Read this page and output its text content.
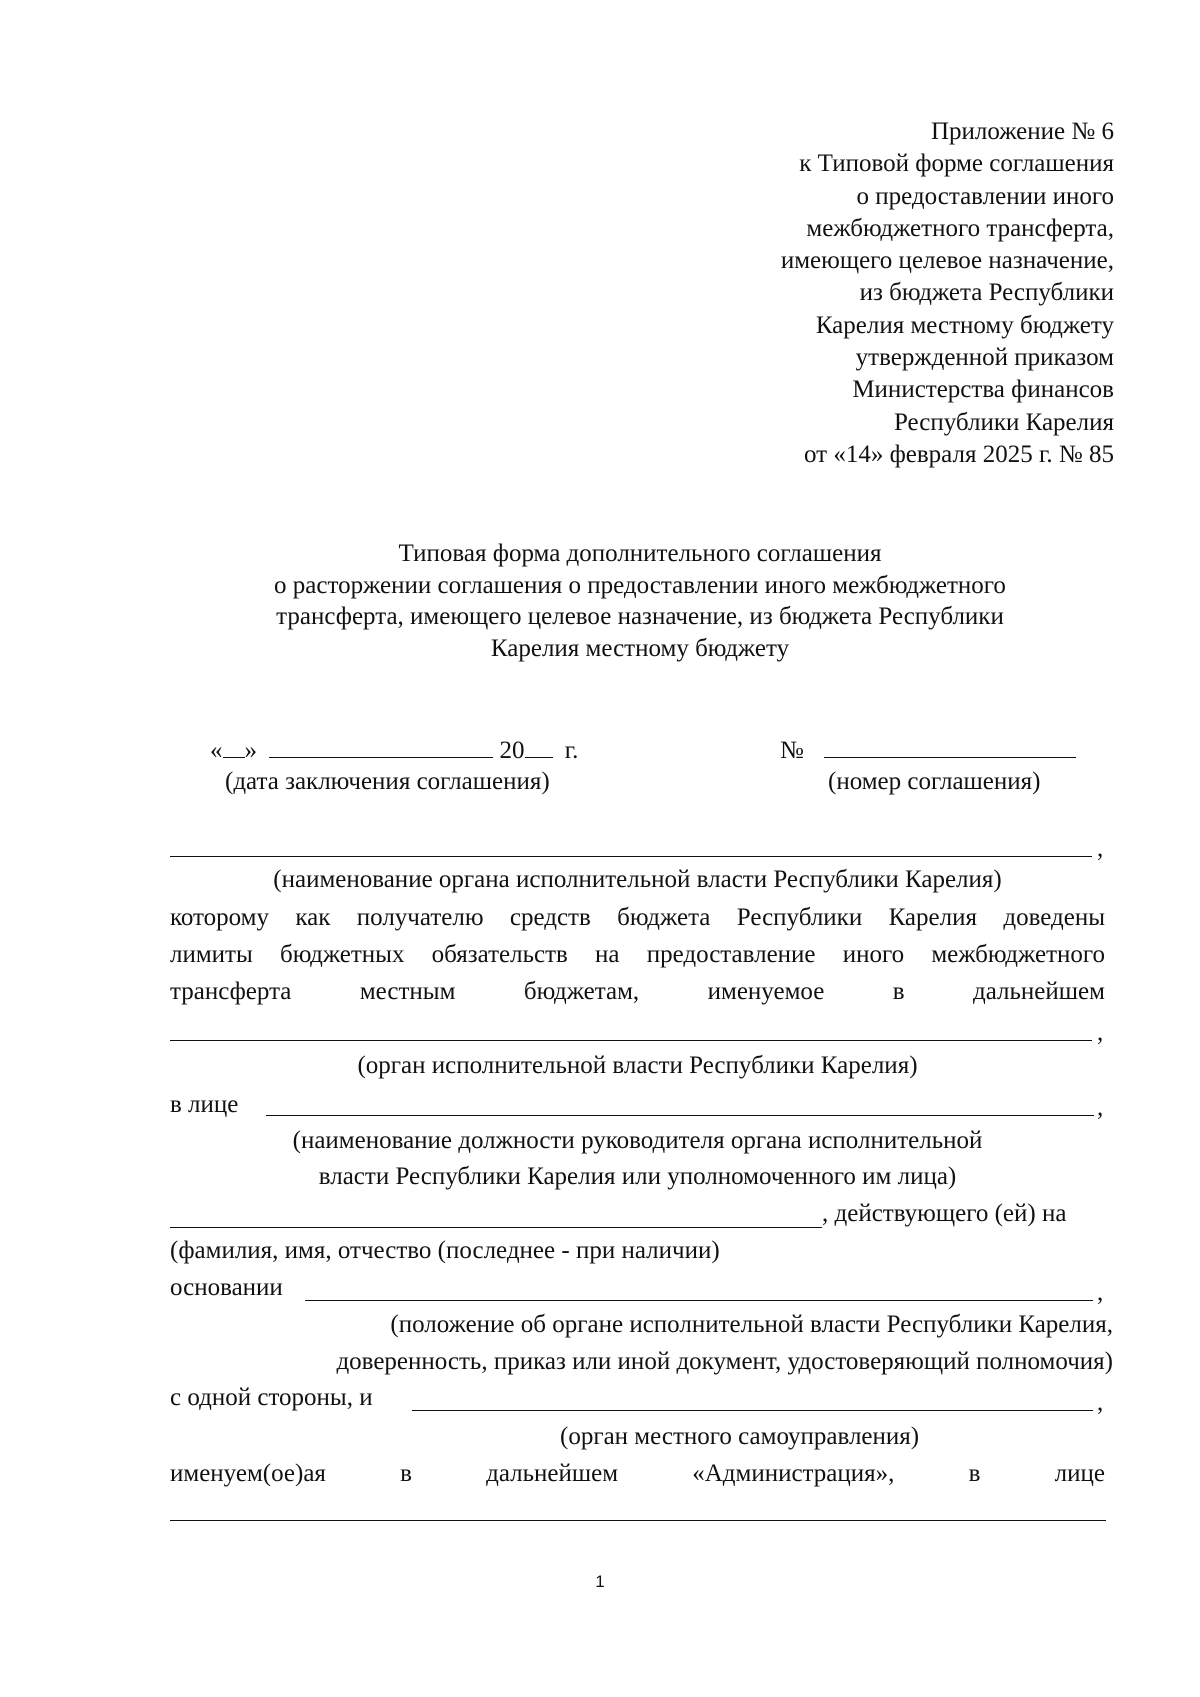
Приложение № 6
к Типовой форме соглашения
о предоставлении иного
межбюджетного трансферта,
имеющего целевое назначение,
из бюджета Республики
Карелия местному бюджету
утвержденной приказом
Министерства финансов
Республики Карелия
от «14» февраля 2025 г. № 85
Типовая форма дополнительного соглашения
о расторжении соглашения о предоставлении иного межбюджетного
трансферта, имеющего целевое назначение, из бюджета Республики
Карелия местному бюджету
« »	20 г.
(дата заключения соглашения)
№
(номер соглашения)
,
(наименование органа исполнительной власти Республики Карелия)
которому как получателю средств бюджета Республики Карелия доведены
лимиты бюджетных обязательств на предоставление иного межбюджетного
трансферта	местным	бюджетам,	именуемое	в	дальнейшем
,
(орган исполнительной власти Республики Карелия)
в лице	,
(наименование должности руководителя органа исполнительной
власти Республики Карелия или уполномоченного им лица)
, действующего (ей) на
(фамилия, имя, отчество (последнее - при наличии)
основании	,
(положение об органе исполнительной власти Республики Карелия,
доверенность, приказ или иной документ, удостоверяющий полномочия)
с одной стороны, и	,
(орган местного самоуправления)
именуем(ое)ая	в	дальнейшем	«Администрация»,	в	лице
1
